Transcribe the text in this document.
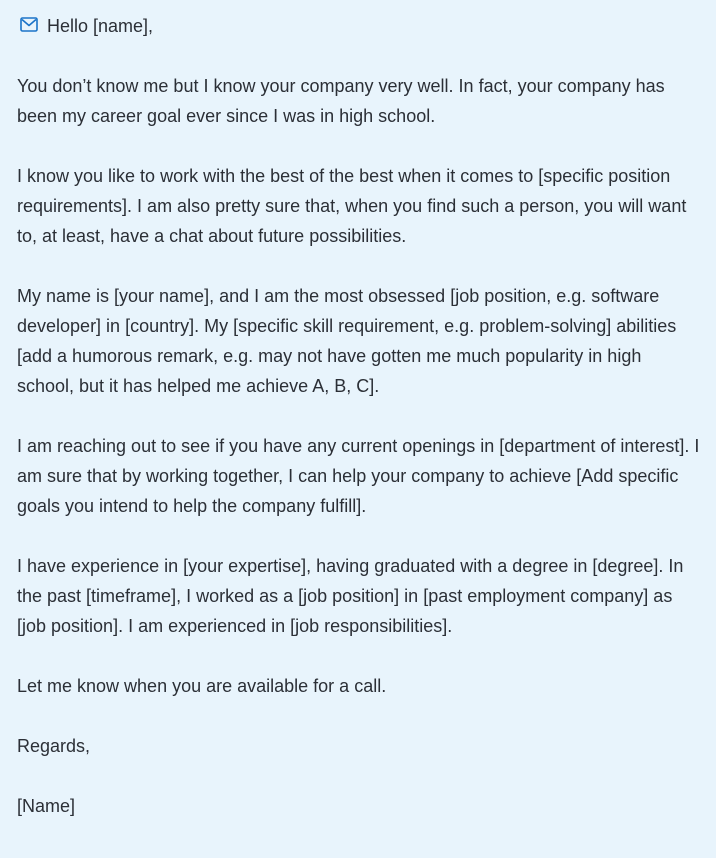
Hello [name],

You don’t know me but I know your company very well. In fact, your company has been my career goal ever since I was in high school.

I know you like to work with the best of the best when it comes to [specific position requirements]. I am also pretty sure that, when you find such a person, you will want to, at least, have a chat about future possibilities.

My name is [your name], and I am the most obsessed [job position, e.g. software developer] in [country]. My [specific skill requirement, e.g. problem-solving] abilities [add a humorous remark, e.g. may not have gotten me much popularity in high school, but it has helped me achieve A, B, C].

I am reaching out to see if you have any current openings in [department of interest]. I am sure that by working together, I can help your company to achieve [Add specific goals you intend to help the company fulfill].

I have experience in [your expertise], having graduated with a degree in [degree]. In the past [timeframe], I worked as a [job position] in [past employment company] as [job position]. I am experienced in [job responsibilities].

Let me know when you are available for a call.

Regards,

[Name]
